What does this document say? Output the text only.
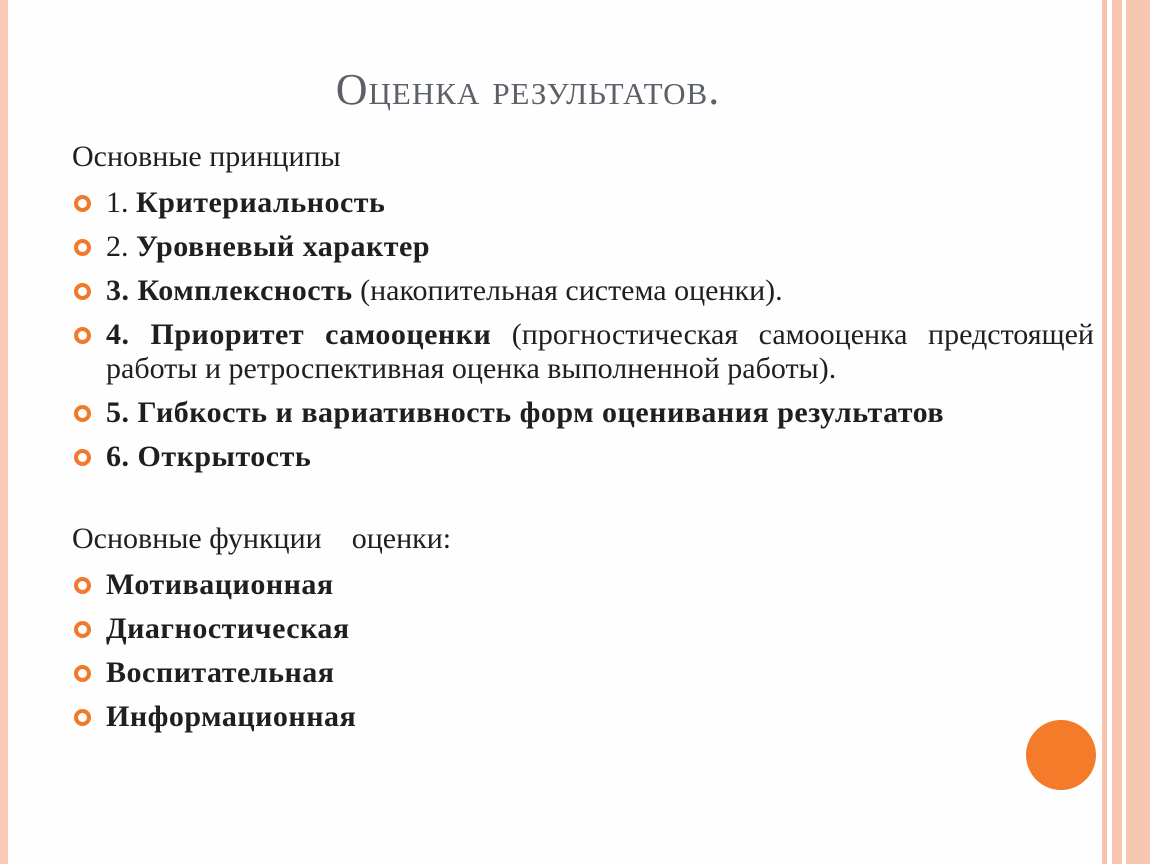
Оценка результатов.
Основные принципы
1. Критериальность
2. Уровневый характер
3. Комплексность (накопительная система оценки).
4. Приоритет самооценки (прогностическая самооценка предстоящей работы и ретроспективная оценка выполненной работы).
5. Гибкость и вариативность форм оценивания результатов
6. Открытость
Основные функции    оценки:
Мотивационная
Диагностическая
Воспитательная
Информационная
